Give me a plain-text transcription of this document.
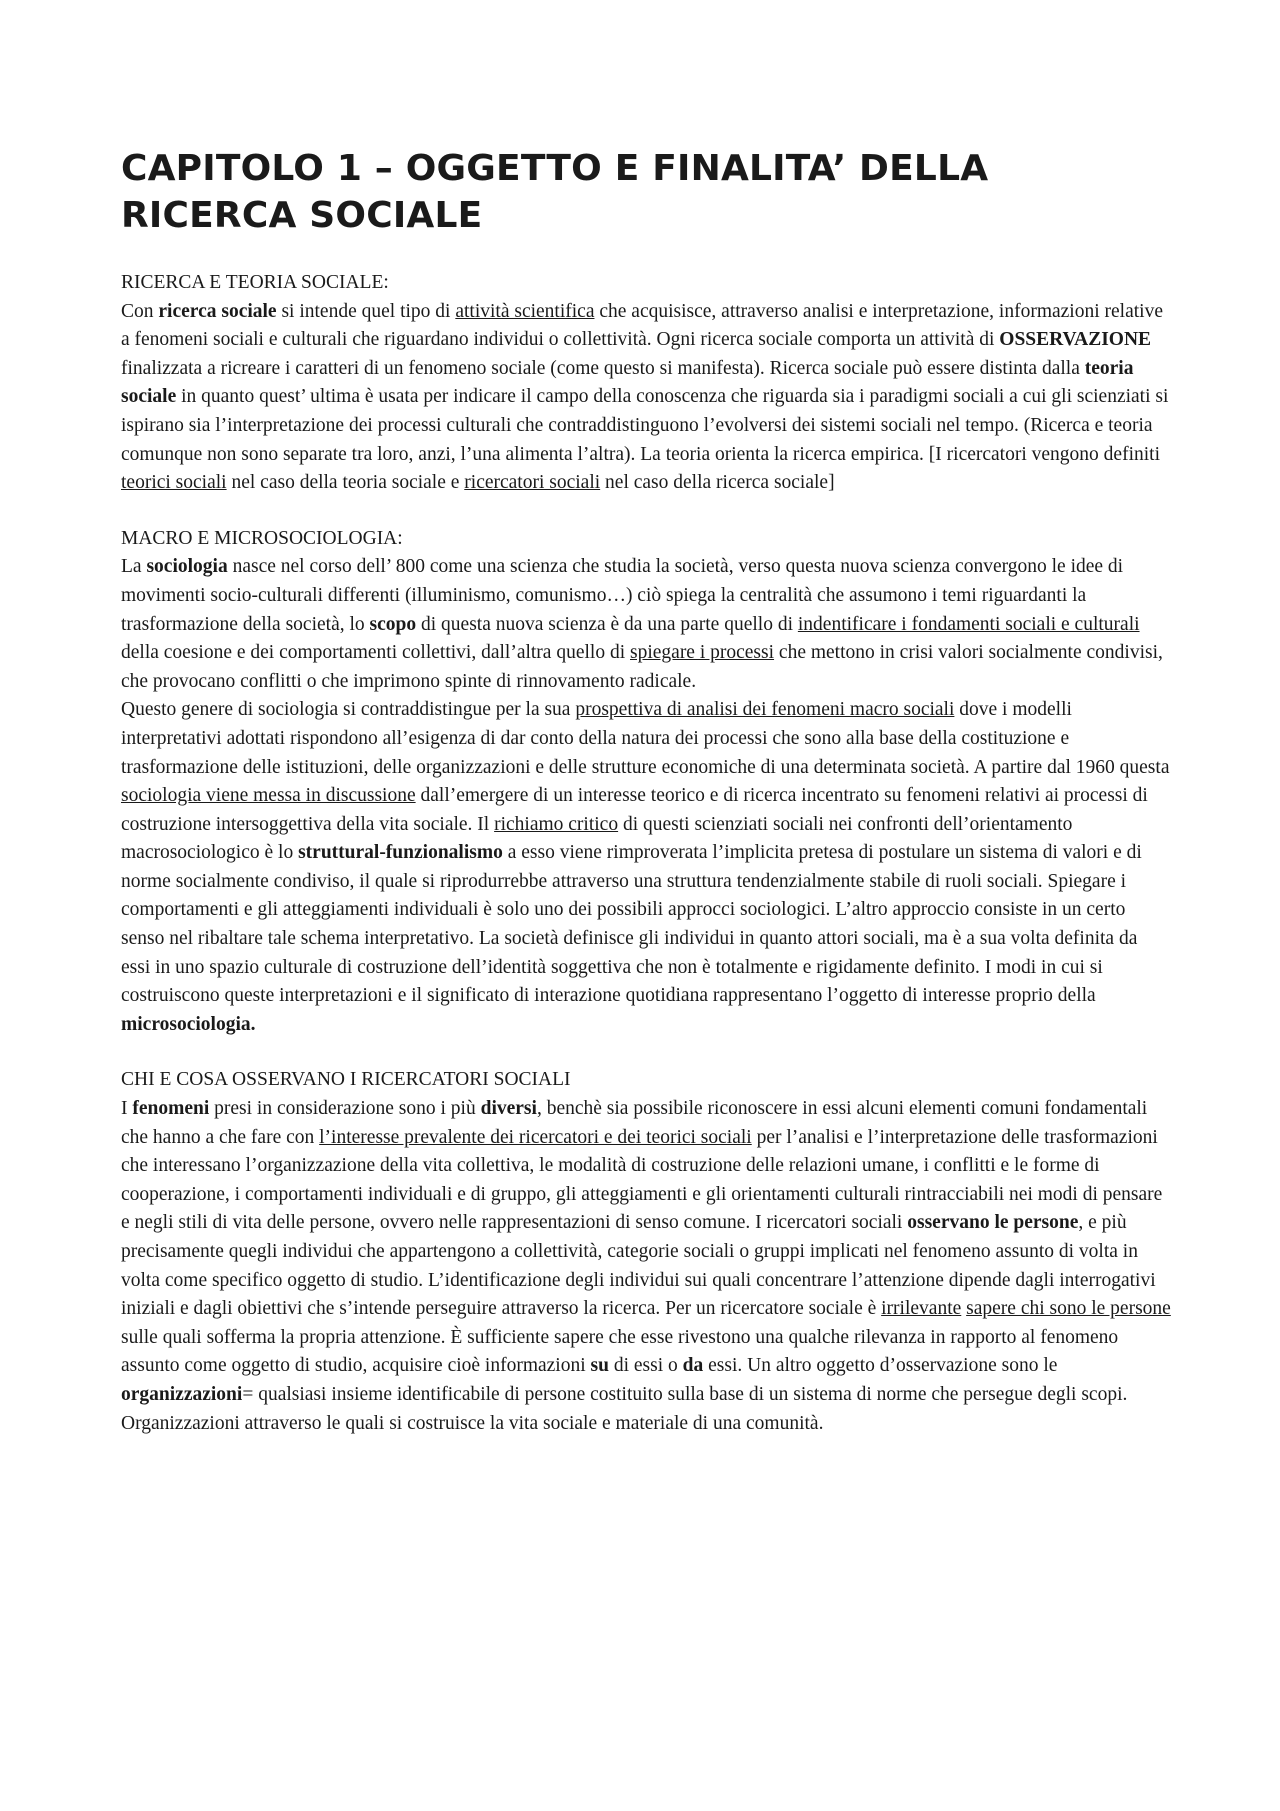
CAPITOLO 1 – OGGETTO E FINALITA’ DELLA
RICERCA SOCIALE
RICERCA E TEORIA SOCIALE:
Con ricerca sociale si intende quel tipo di attività scientifica che acquisisce, attraverso analisi e interpretazione, informazioni relative a fenomeni sociali e culturali che riguardano individui o collettività. Ogni ricerca sociale comporta un attività di OSSERVAZIONE finalizzata a ricreare i caratteri di un fenomeno sociale (come questo si manifesta). Ricerca sociale può essere distinta dalla teoria sociale in quanto quest’ ultima è usata per indicare il campo della conoscenza che riguarda sia i paradigmi sociali a cui gli scienziati si ispirano sia l’interpretazione dei processi culturali che contraddistinguono l’evolversi dei sistemi sociali nel tempo. (Ricerca e teoria comunque non sono separate tra loro, anzi, l’una alimenta l’altra). La teoria orienta la ricerca empirica. [I ricercatori vengono definiti teorici sociali nel caso della teoria sociale e ricercatori sociali nel caso della ricerca sociale]
MACRO E MICROSOCIOLOGIA:
La sociologia nasce nel corso dell’ 800 come una scienza che studia la società, verso questa nuova scienza convergono le idee di movimenti socio-culturali differenti (illuminismo, comunismo…) ciò spiega la centralità che assumono i temi riguardanti la trasformazione della società, lo scopo di questa nuova scienza è da una parte quello di indentificare i fondamenti sociali e culturali della coesione e dei comportamenti collettivi, dall’altra quello di spiegare i processi che mettono in crisi valori socialmente condivisi, che provocano conflitti o che imprimono spinte di rinnovamento radicale.
Questo genere di sociologia si contraddistingue per la sua prospettiva di analisi dei fenomeni macro sociali dove i modelli interpretativi adottati rispondono all’esigenza di dar conto della natura dei processi che sono alla base della costituzione e trasformazione delle istituzioni, delle organizzazioni e delle strutture economiche di una determinata società. A partire dal 1960 questa sociologia viene messa in discussione dall’emergere di un interesse teorico e di ricerca incentrato su fenomeni relativi ai processi di costruzione intersoggettiva della vita sociale. Il richiamo critico di questi scienziati sociali nei confronti dell’orientamento macrosociologico è lo struttural-funzionalismo a esso viene rimproverata l’implicita pretesa di postulare un sistema di valori e di norme socialmente condiviso, il quale si riprodurrebbe attraverso una struttura tendenzialmente stabile di ruoli sociali. Spiegare i comportamenti e gli atteggiamenti individuali è solo uno dei possibili approcci sociologici. L’altro approccio consiste in un certo senso nel ribaltare tale schema interpretativo. La società definisce gli individui in quanto attori sociali, ma è a sua volta definita da essi in uno spazio culturale di costruzione dell’identità soggettiva che non è totalmente e rigidamente definito. I modi in cui si costruiscono queste interpretazioni e il significato di interazione quotidiana rappresentano l’oggetto di interesse proprio della microsociologia.
CHI E COSA OSSERVANO I RICERCATORI SOCIALI
I fenomeni presi in considerazione sono i più diversi, benchè sia possibile riconoscere in essi alcuni elementi comuni fondamentali che hanno a che fare con l’interesse prevalente dei ricercatori e dei teorici sociali per l’analisi e l’interpretazione delle trasformazioni che interessano l’organizzazione della vita collettiva, le modalità di costruzione delle relazioni umane, i conflitti e le forme di cooperazione, i comportamenti individuali e di gruppo, gli atteggiamenti e gli orientamenti culturali rintracciabili nei modi di pensare e negli stili di vita delle persone, ovvero nelle rappresentazioni di senso comune. I ricercatori sociali osservano le persone, e più precisamente quegli individui che appartengono a collettività, categorie sociali o gruppi implicati nel fenomeno assunto di volta in volta come specifico oggetto di studio. L’identificazione degli individui sui quali concentrare l’attenzione dipende dagli interrogativi iniziali e dagli obiettivi che s’intende perseguire attraverso la ricerca. Per un ricercatore sociale è irrilevante sapere chi sono le persone sulle quali sofferma la propria attenzione. È sufficiente sapere che esse rivestono una qualche rilevanza in rapporto al fenomeno assunto come oggetto di studio, acquisire cioè informazioni su di essi o da essi. Un altro oggetto d’osservazione sono le organizzazioni= qualsiasi insieme identificabile di persone costituito sulla base di un sistema di norme che persegue degli scopi. Organizzazioni attraverso le quali si costruisce la vita sociale e materiale di una comunità.
